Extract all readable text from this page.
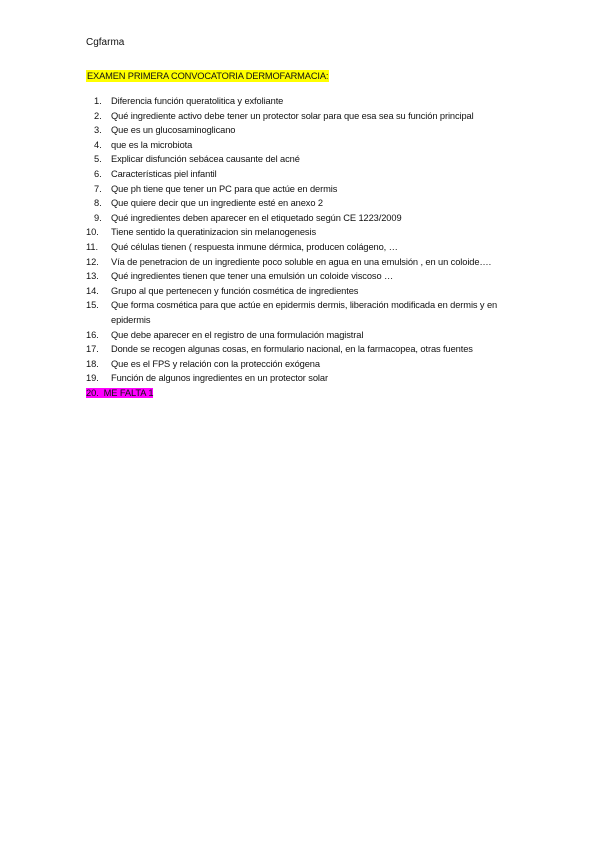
Cgfarma
EXAMEN PRIMERA CONVOCATORIA DERMOFARMACIA:
1.	Diferencia función queratolitica y exfoliante
2.	Qué ingrediente activo debe tener un protector solar para que esa sea su función principal
3.	Que es un glucosaminoglicano
4.	que es la microbiota
5.	Explicar disfunción sebácea causante del acné
6.	Características piel infantil
7.	Que ph tiene que tener un PC para que actúe en dermis
8.	Que quiere decir que un ingrediente esté en anexo 2
9.	Qué ingredientes deben aparecer en el etiquetado según CE 1223/2009
10.	Tiene sentido la queratinizacion sin melanogenesis
11.	Qué células tienen ( respuesta inmune dérmica, producen colágeno, …
12.	Vía de penetracion de un ingrediente poco soluble en agua en una emulsión , en un coloide….
13.	Qué ingredientes tienen que tener una emulsión un coloide viscoso …
14.	Grupo al que pertenecen y función cosmética de ingredientes
15.	Que forma cosmética para que actúe en epidermis dermis, liberación modificada en dermis y en epidermis
16.	Que debe aparecer en el registro de una formulación magistral
17.	Donde se recogen algunas cosas, en formulario nacional, en la farmacopea, otras fuentes
18.	Que es el FPS y relación con la protección exógena
19.	Función de algunos ingredientes en un protector solar
20. ME FALTA 1
